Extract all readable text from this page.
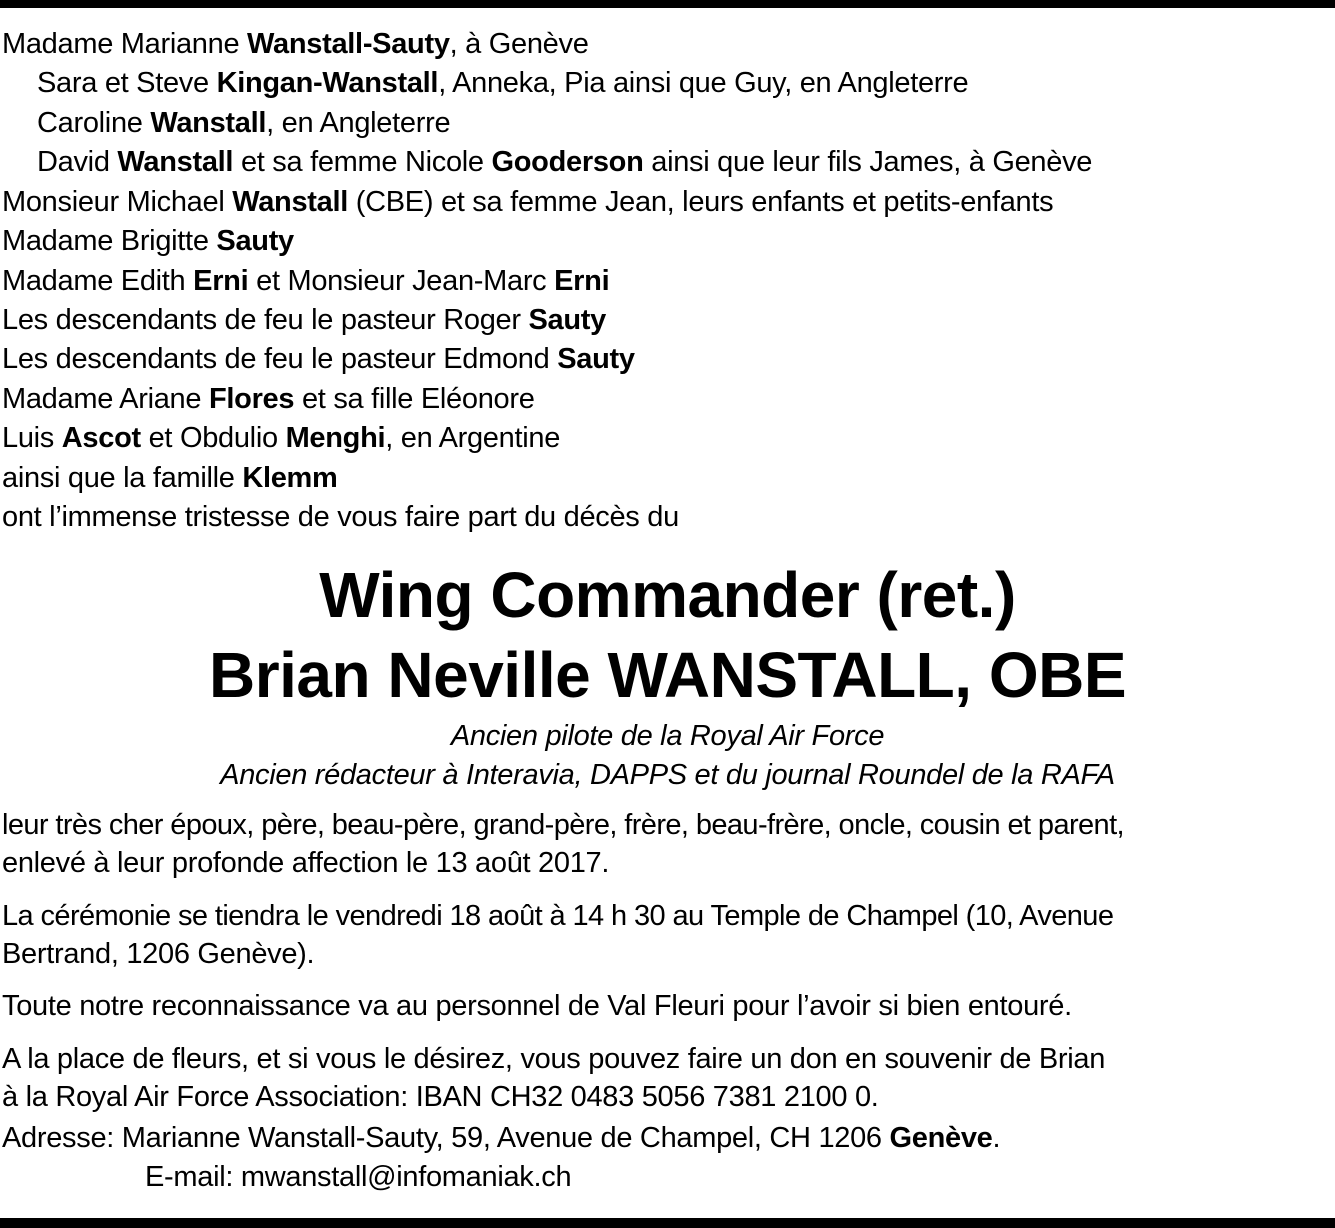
Madame Marianne Wanstall-Sauty, à Genève
Sara et Steve Kingan-Wanstall, Anneka, Pia ainsi que Guy, en Angleterre
Caroline Wanstall, en Angleterre
David Wanstall et sa femme Nicole Gooderson ainsi que leur fils James, à Genève
Monsieur Michael Wanstall (CBE) et sa femme Jean, leurs enfants et petits-enfants
Madame Brigitte Sauty
Madame Edith Erni et Monsieur Jean-Marc Erni
Les descendants de feu le pasteur Roger Sauty
Les descendants de feu le pasteur Edmond Sauty
Madame Ariane Flores et sa fille Eléonore
Luis Ascot et Obdulio Menghi, en Argentine
ainsi que la famille Klemm
ont l’immense tristesse de vous faire part du décès du
Wing Commander (ret.)
Brian Neville WANSTALL, OBE
Ancien pilote de la Royal Air Force
Ancien rédacteur à Interavia, DAPPS et du journal Roundel de la RAFA
leur très cher époux, père, beau-père, grand-père, frère, beau-frère, oncle, cousin et parent,
enlevé à leur profonde affection le 13 août 2017.
La cérémonie se tiendra le vendredi 18 août à 14 h 30 au Temple de Champel (10, Avenue
Bertrand, 1206 Genève).
Toute notre reconnaissance va au personnel de Val Fleuri pour l’avoir si bien entouré.
A la place de fleurs, et si vous le désirez, vous pouvez faire un don en souvenir de Brian
à la Royal Air Force Association: IBAN CH32 0483 5056 7381 2100 0.
Adresse: Marianne Wanstall-Sauty, 59, Avenue de Champel, CH 1206 Genève.
E-mail: mwanstall@infomaniak.ch
